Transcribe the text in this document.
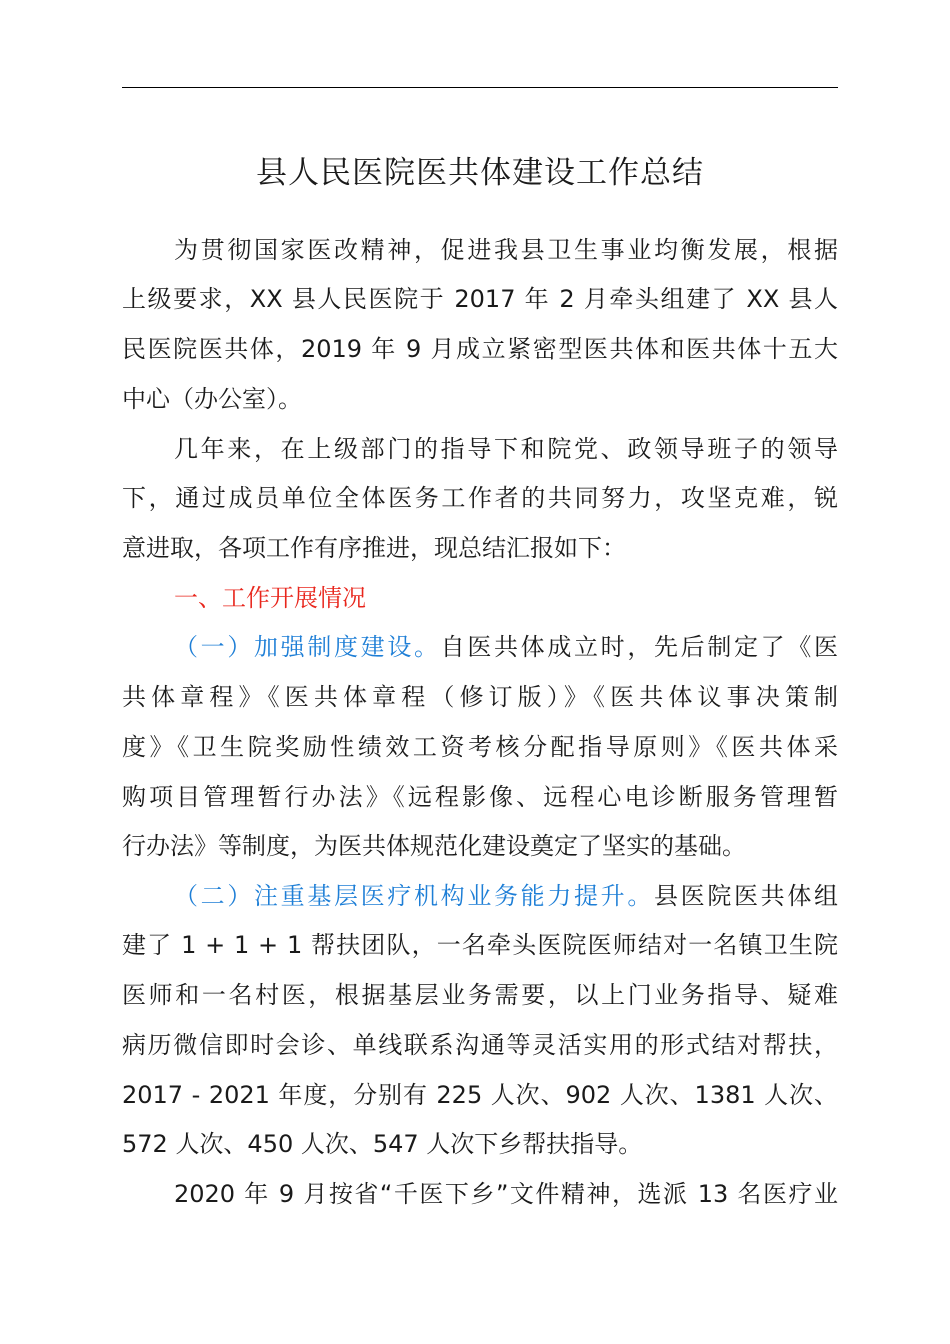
县人民医院医共体建设工作总结
为贯彻国家医改精神，促进我县卫生事业均衡发展，根据
上级要求，XX 县人民医院于 2017 年 2 月牵头组建了 XX 县人
民医院医共体，2019 年 9 月成立紧密型医共体和医共体十五大
中心（办公室）。
几年来，在上级部门的指导下和院党、政领导班子的领导
下，通过成员单位全体医务工作者的共同努力，攻坚克难，锐
意进取，各项工作有序推进，现总结汇报如下：
一、工作开展情况
（一）加强制度建设。自医共体成立时，先后制定了《医
共体章程》《医共体章程（修订版）》《医共体议事决策制
度》《卫生院奖励性绩效工资考核分配指导原则》《医共体采
购项目管理暂行办法》《远程影像、远程心电诊断服务管理暂
行办法》等制度，为医共体规范化建设奠定了坚实的基础。
（二）注重基层医疗机构业务能力提升。县医院医共体组
建了 1 + 1 + 1 帮扶团队，一名牵头医院医师结对一名镇卫生院
医师和一名村医，根据基层业务需要，以上门业务指导、疑难
病历微信即时会诊、单线联系沟通等灵活实用的形式结对帮扶，
2017 - 2021 年度，分别有 225 人次、902 人次、1381 人次、
572 人次、450 人次、547 人次下乡帮扶指导。
2020 年 9 月按省“千医下乡”文件精神，选派 13 名医疗业
